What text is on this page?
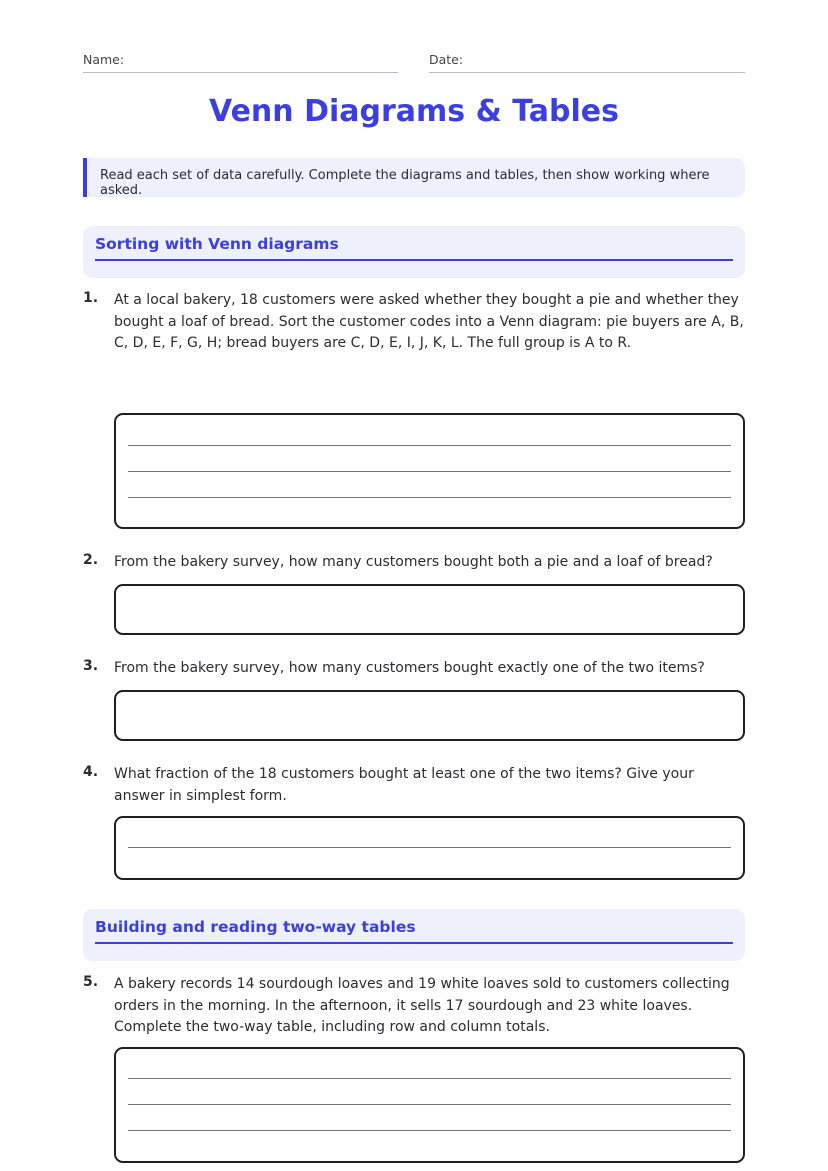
Name:	Date:
Venn Diagrams & Tables
Read each set of data carefully. Complete the diagrams and tables, then show working where asked.
Sorting with Venn diagrams
1. At a local bakery, 18 customers were asked whether they bought a pie and whether they bought a loaf of bread. Sort the customer codes into a Venn diagram: pie buyers are A, B, C, D, E, F, G, H; bread buyers are C, D, E, I, J, K, L. The full group is A to R.
2. From the bakery survey, how many customers bought both a pie and a loaf of bread?
3. From the bakery survey, how many customers bought exactly one of the two items?
4. What fraction of the 18 customers bought at least one of the two items? Give your answer in simplest form.
Building and reading two-way tables
5. A bakery records 14 sourdough loaves and 19 white loaves sold to customers collecting orders in the morning. In the afternoon, it sells 17 sourdough and 23 white loaves. Complete the two-way table, including row and column totals.
